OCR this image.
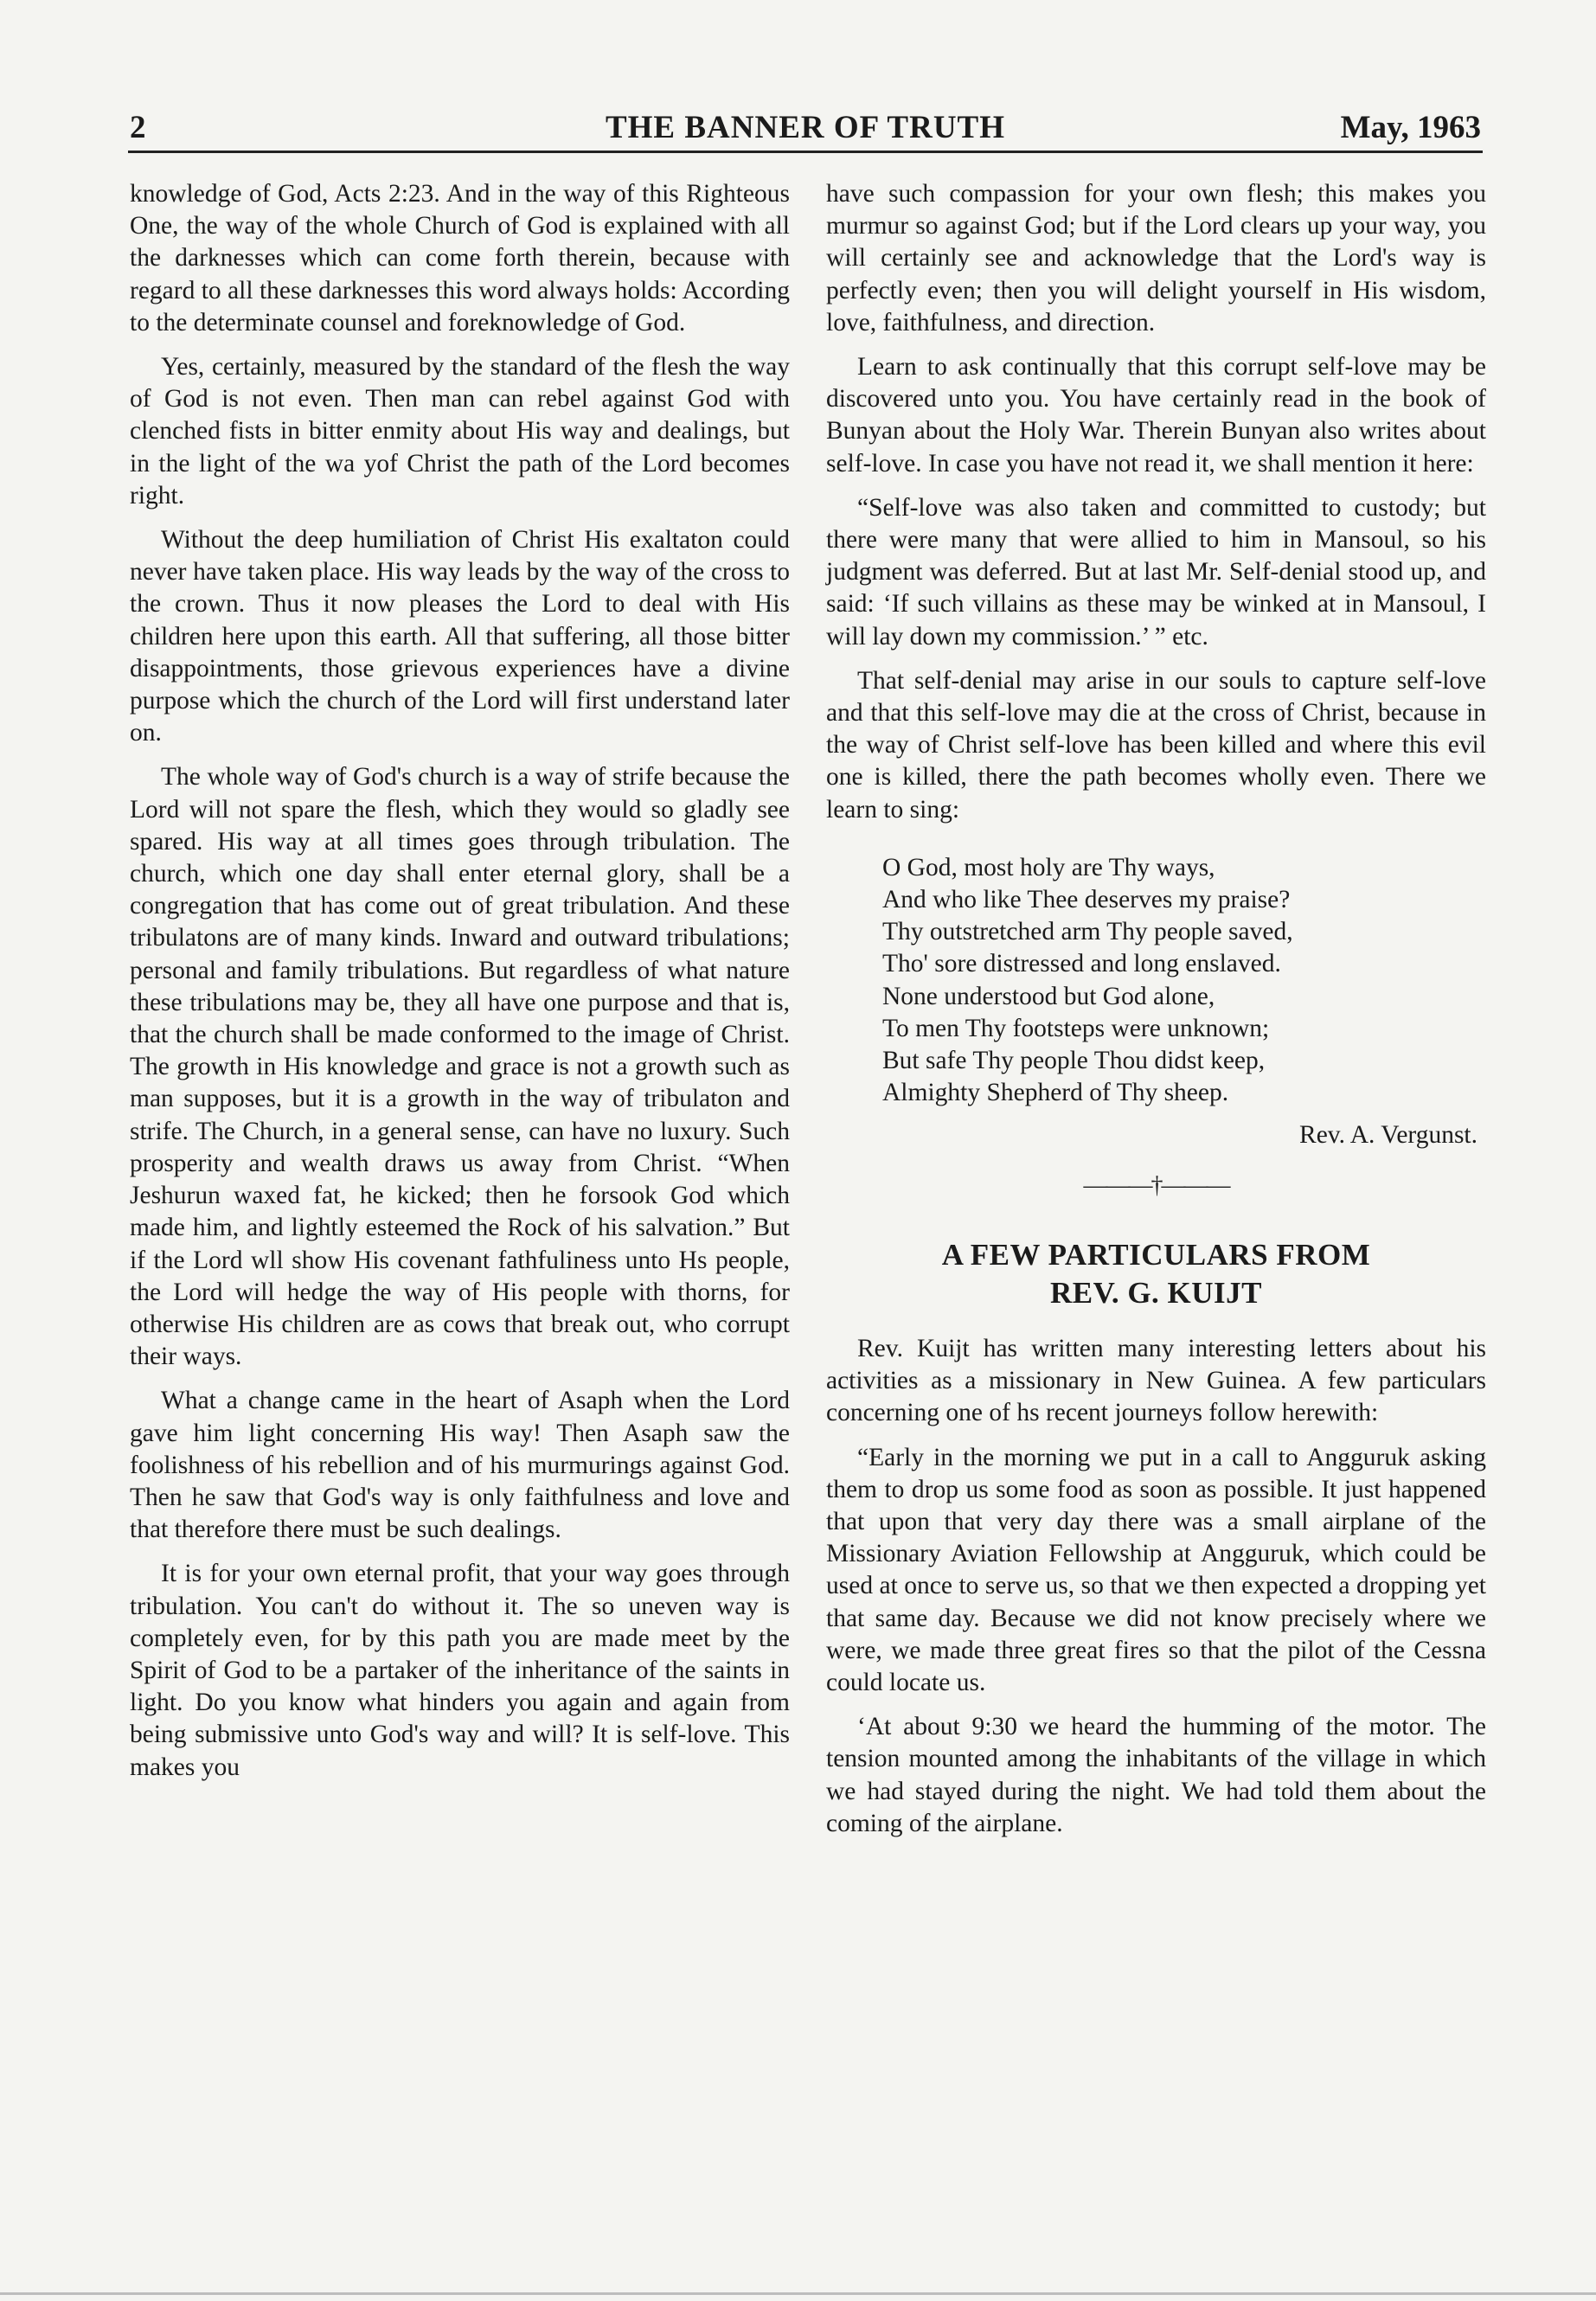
2	THE BANNER OF TRUTH	May, 1963

knowledge of God, Acts 2:23. And in the way of this Righteous One, the way of the whole Church of God is explained with all the darknesses which can come forth therein, because with regard to all these darknesses this word always holds: According to the determinate counsel and foreknowledge of God.

Yes, certainly, measured by the standard of the flesh the way of God is not even. Then man can rebel against God with clenched fists in bitter enmity about His way and dealings, but in the light of the wa yof Christ the path of the Lord becomes right.

Without the deep humiliation of Christ His exaltaton could never have taken place. His way leads by the way of the cross to the crown. Thus it now pleases the Lord to deal with His children here upon this earth. All that suffering, all those bitter disappointments, those grievous experiences have a divine purpose which the church of the Lord will first understand later on.

The whole way of God's church is a way of strife because the Lord will not spare the flesh, which they would so gladly see spared. His way at all times goes through tribulation. The church, which one day shall enter eternal glory, shall be a congregation that has come out of great tribulation. And these tribulatons are of many kinds. Inward and outward tribulations; personal and family tribulations. But regardless of what nature these tribulations may be, they all have one purpose and that is, that the church shall be made conformed to the image of Christ. The growth in His knowledge and grace is not a growth such as man supposes, but it is a growth in the way of tribulaton and strife. The Church, in a general sense, can have no luxury. Such prosperity and wealth draws us away from Christ. “When Jeshurun waxed fat, he kicked; then he forsook God which made him, and lightly esteemed the Rock of his salvation.” But if the Lord wll show His covenant fathfuliness unto Hs people, the Lord will hedge the way of His people with thorns, for otherwise His children are as cows that break out, who corrupt their ways.

What a change came in the heart of Asaph when the Lord gave him light concerning His way! Then Asaph saw the foolishness of his rebellion and of his murmurings against God. Then he saw that God's way is only faithfulness and love and that therefore there must be such dealings.

It is for your own eternal profit, that your way goes through tribulation. You can't do without it. The so uneven way is completely even, for by this path you are made meet by the Spirit of God to be a partaker of the inheritance of the saints in light. Do you know what hinders you again and again from being submissive unto God's way and will? It is self-love. This makes you

have such compassion for your own flesh; this makes you murmur so against God; but if the Lord clears up your way, you will certainly see and acknowledge that the Lord's way is perfectly even; then you will delight yourself in His wisdom, love, faithfulness, and direction.

Learn to ask continually that this corrupt self-love may be discovered unto you. You have certainly read in the book of Bunyan about the Holy War. Therein Bunyan also writes about self-love. In case you have not read it, we shall mention it here:

“Self-love was also taken and committed to custody; but there were many that were allied to him in Mansoul, so his judgment was deferred. But at last Mr. Self-denial stood up, and said: ‘If such villains as these may be winked at in Mansoul, I will lay down my commission.’ ” etc.

That self-denial may arise in our souls to capture self-love and that this self-love may die at the cross of Christ, because in the way of Christ self-love has been killed and where this evil one is killed, there the path becomes wholly even. There we learn to sing:

O God, most holy are Thy ways,
And who like Thee deserves my praise?
Thy outstretched arm Thy people saved,
Tho' sore distressed and long enslaved.
None understood but God alone,
To men Thy footsteps were unknown;
But safe Thy people Thou didst keep,
Almighty Shepherd of Thy sheep.
Rev. A. Vergunst.
———†———
A FEW PARTICULARS FROM
REV. G. KUIJT

Rev. Kuijt has written many interesting letters about his activities as a missionary in New Guinea. A few particulars concerning one of hs recent journeys follow herewith:

“Early in the morning we put in a call to Angguruk asking them to drop us some food as soon as possible. It just happened that upon that very day there was a small airplane of the Missionary Aviation Fellowship at Angguruk, which could be used at once to serve us, so that we then expected a dropping yet that same day. Because we did not know precisely where we were, we made three great fires so that the pilot of the Cessna could locate us.

‘At about 9:30 we heard the humming of the motor. The tension mounted among the inhabitants of the village in which we had stayed during the night. We had told them about the coming of the airplane.
